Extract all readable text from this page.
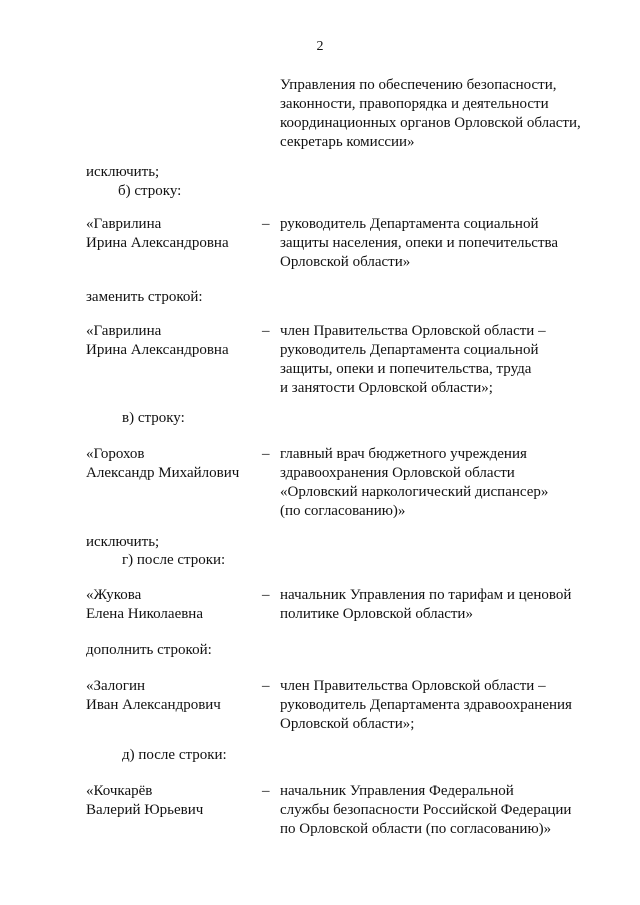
2
Управления по обеспечению безопасности,
законности, правопорядка и деятельности
координационных органов Орловской области,
секретарь комиссии»
исключить;
б) строку:
«Гаврилина
Ирина Александровна
– руководитель Департамента социальной
защиты населения, опеки и попечительства
Орловской области»
заменить строкой:
«Гаврилина
Ирина Александровна
– член Правительства Орловской области –
руководитель Департамента социальной
защиты, опеки и попечительства, труда
и занятости Орловской области»;
в) строку:
«Горохов
Александр Михайлович
– главный врач бюджетного учреждения
здравоохранения Орловской области
«Орловский наркологический диспансер»
(по согласованию)»
исключить;
г) после строки:
«Жукова
Елена Николаевна
– начальник Управления по тарифам и ценовой
политике Орловской области»
дополнить строкой:
«Залогин
Иван Александрович
– член Правительства Орловской области –
руководитель Департамента здравоохранения
Орловской области»;
д) после строки:
«Кочкарёв
Валерий Юрьевич
– начальник Управления Федеральной
службы безопасности Российской Федерации
по Орловской области (по согласованию)»
